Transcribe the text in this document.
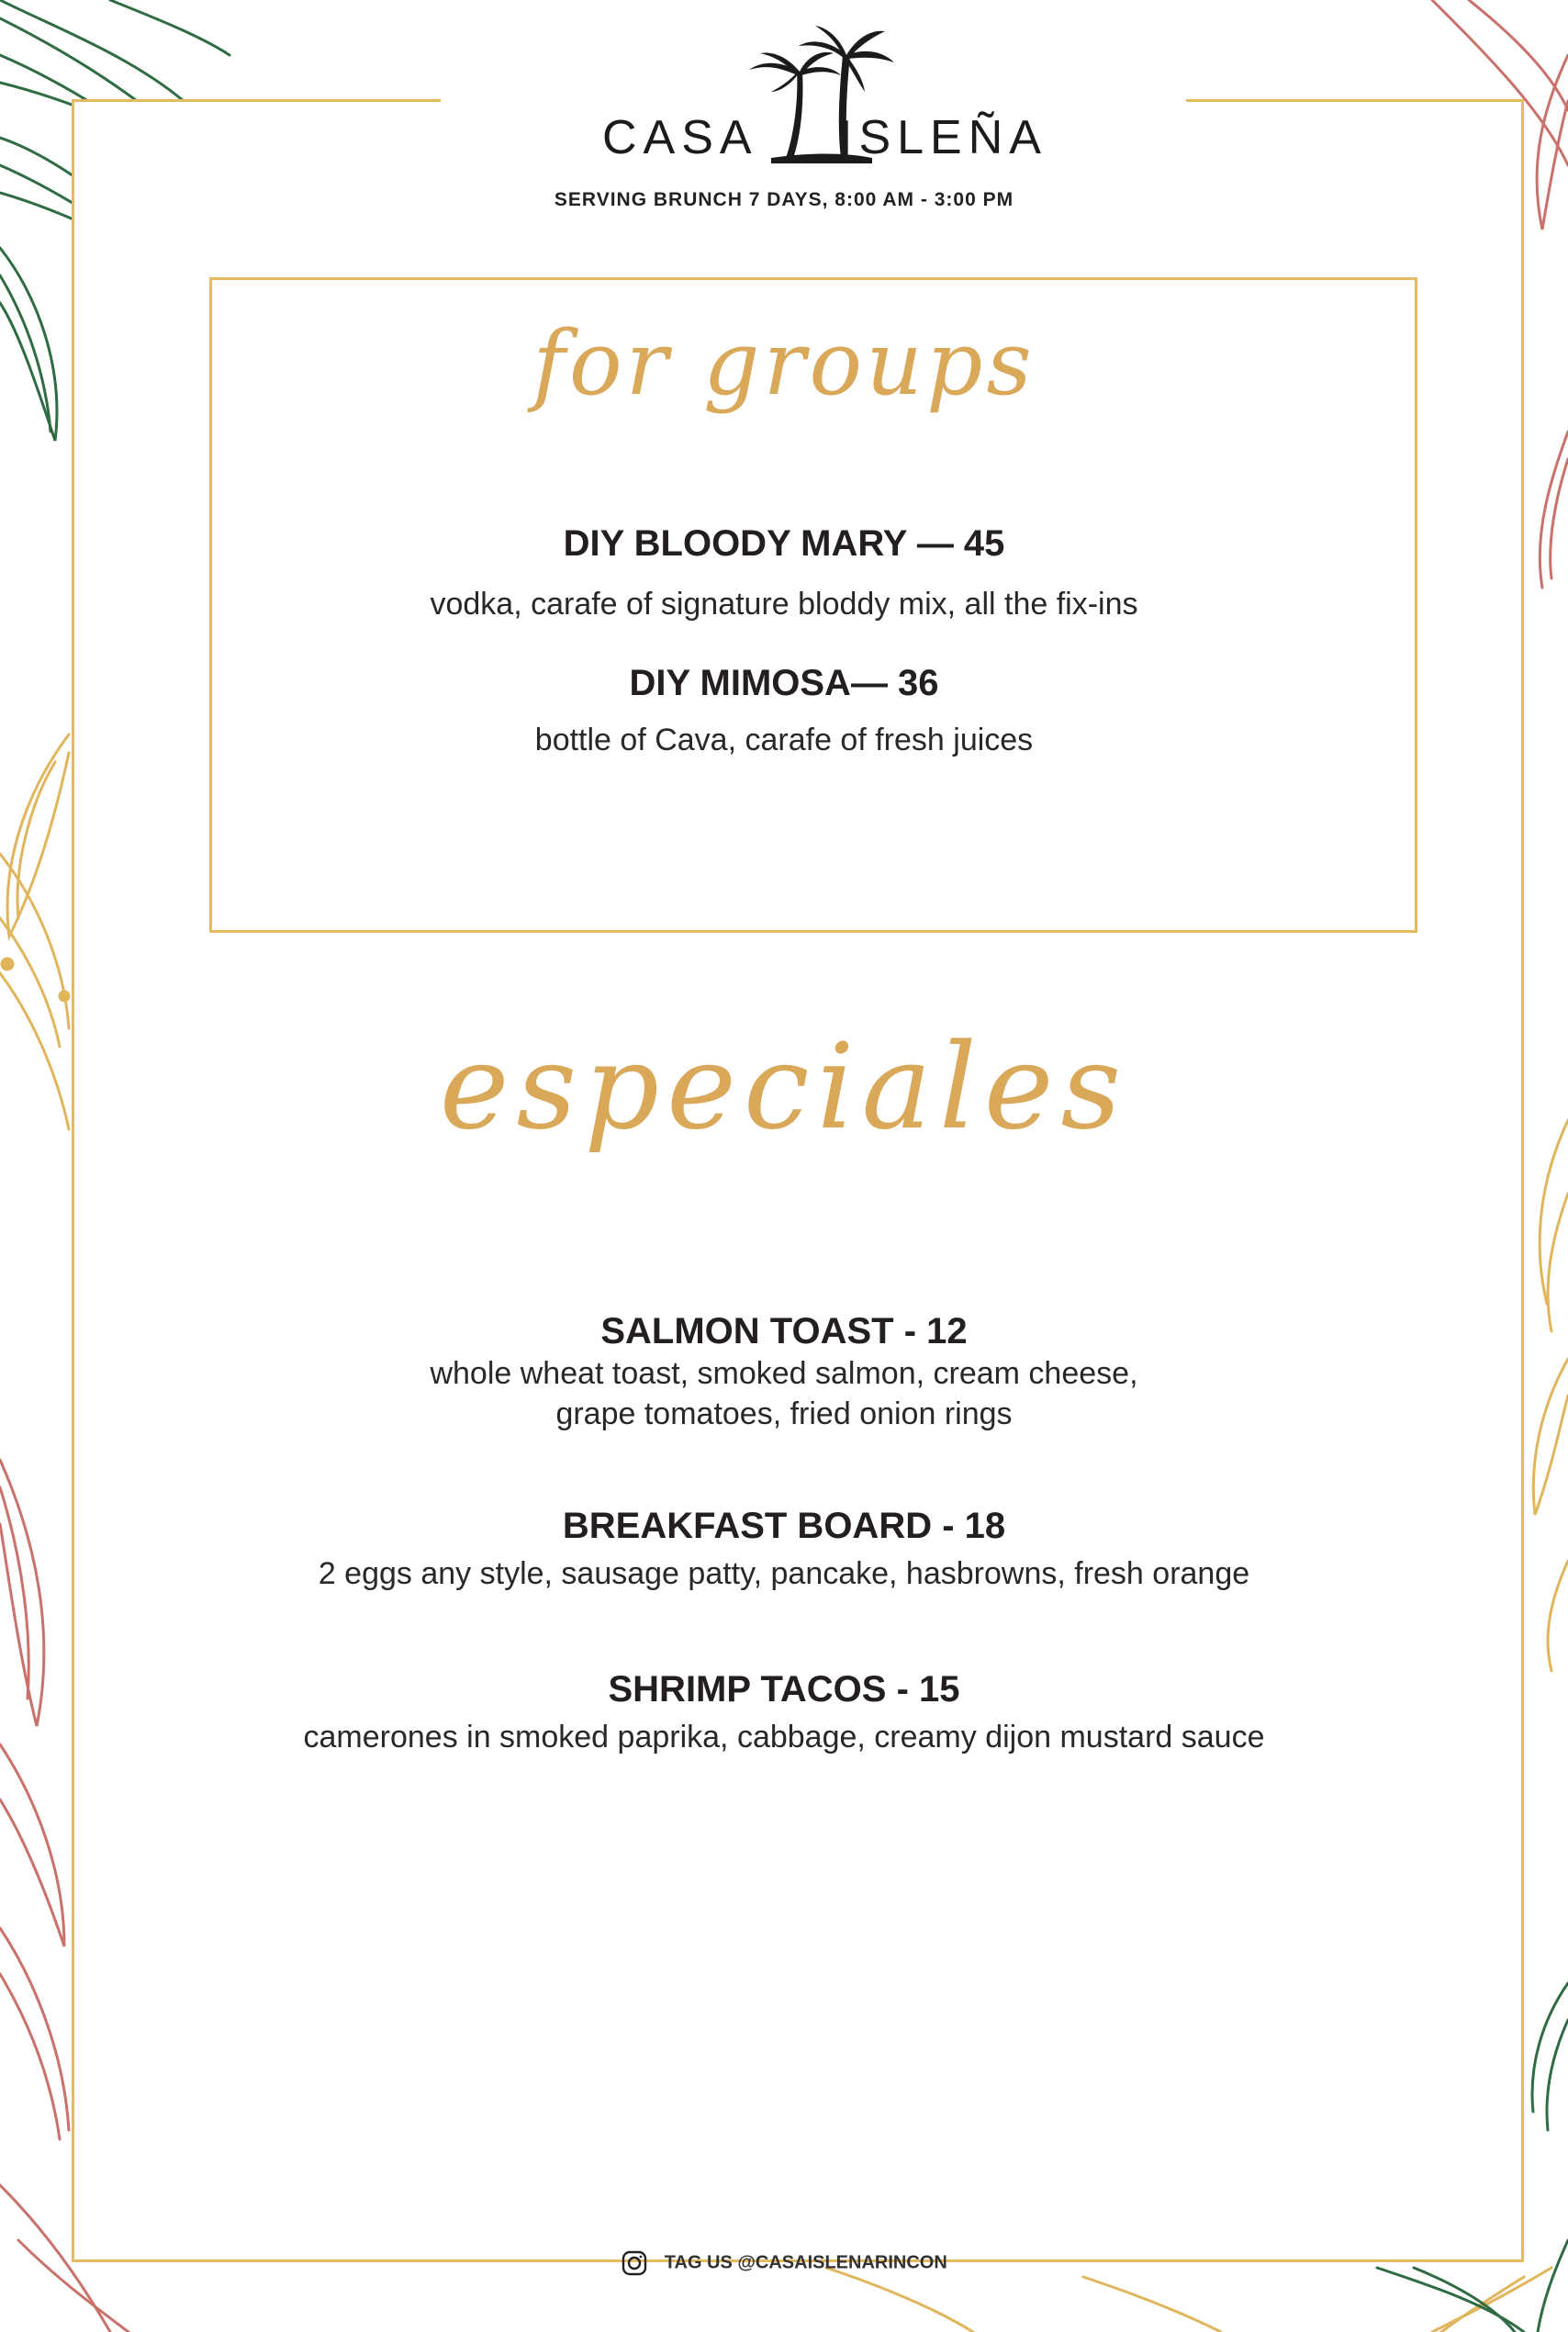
CASA ISLEÑA
SERVING BRUNCH 7 DAYS, 8:00 AM - 3:00 PM
for groups
DIY BLOODY MARY — 45
vodka, carafe of signature bloddy mix, all the fix-ins
DIY MIMOSA— 36
bottle of Cava, carafe of fresh juices
especiales
SALMON TOAST - 12
whole wheat toast, smoked salmon, cream cheese,
grape tomatoes, fried onion rings
BREAKFAST BOARD - 18
2 eggs any style, sausage patty, pancake, hasbrowns, fresh orange
SHRIMP TACOS - 15
camerones in smoked paprika, cabbage, creamy dijon mustard sauce
TAG US @CASAISLENARINCON
